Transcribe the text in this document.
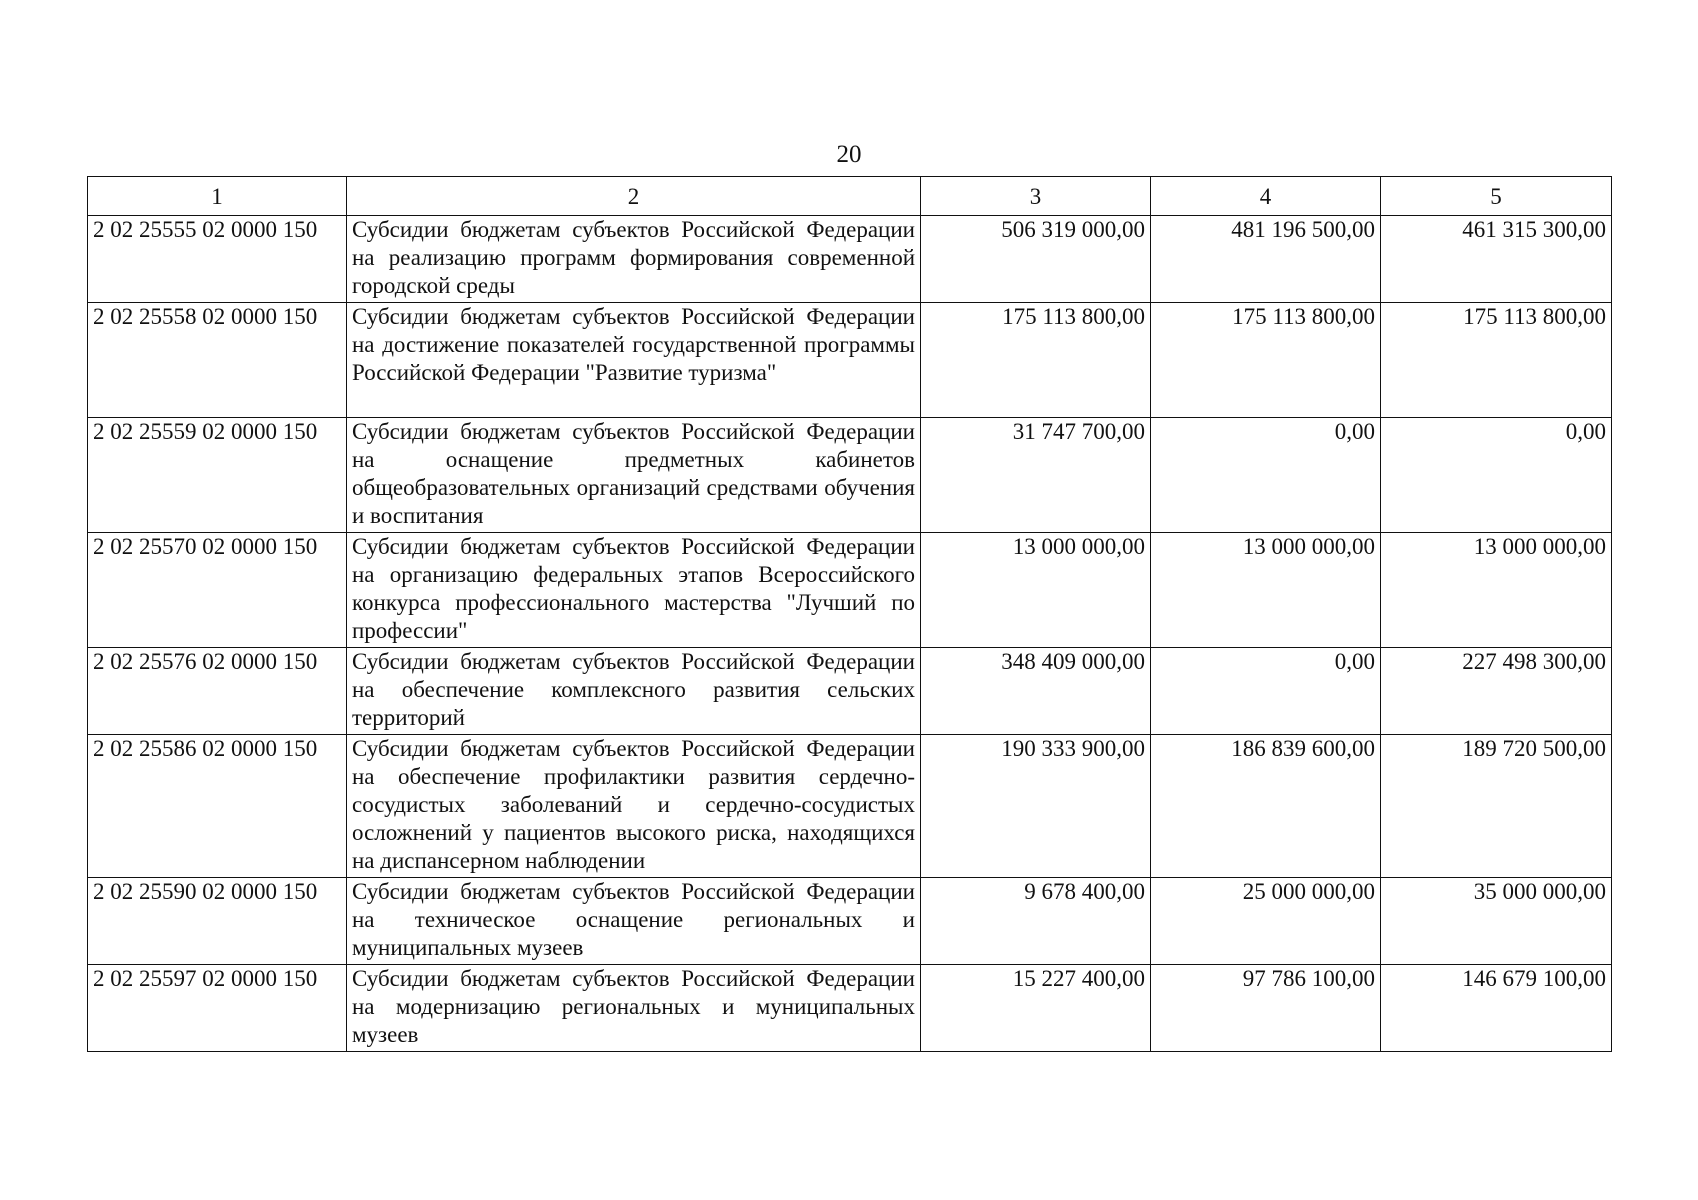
20
1	2	3	4	5
2 02 25555 02 0000 150	Субсидии бюджетам субъектов Российской Федерации на реализацию программ формирования современной городской среды	506 319 000,00	481 196 500,00	461 315 300,00
2 02 25558 02 0000 150	Субсидии бюджетам субъектов Российской Федерации на достижение показателей государственной программы Российской Федерации "Развитие туризма"	175 113 800,00	175 113 800,00	175 113 800,00
2 02 25559 02 0000 150	Субсидии бюджетам субъектов Российской Федерации на оснащение предметных кабинетов общеобразовательных организаций средствами обучения и воспитания	31 747 700,00	0,00	0,00
2 02 25570 02 0000 150	Субсидии бюджетам субъектов Российской Федерации на организацию федеральных этапов Всероссийского конкурса профессионального мастерства "Лучший по профессии"	13 000 000,00	13 000 000,00	13 000 000,00
2 02 25576 02 0000 150	Субсидии бюджетам субъектов Российской Федерации на обеспечение комплексного развития сельских территорий	348 409 000,00	0,00	227 498 300,00
2 02 25586 02 0000 150	Субсидии бюджетам субъектов Российской Федерации на обеспечение профилактики развития сердечно-сосудистых заболеваний и сердечно-сосудистых осложнений у пациентов высокого риска, находящихся на диспансерном наблюдении	190 333 900,00	186 839 600,00	189 720 500,00
2 02 25590 02 0000 150	Субсидии бюджетам субъектов Российской Федерации на техническое оснащение региональных и муниципальных музеев	9 678 400,00	25 000 000,00	35 000 000,00
2 02 25597 02 0000 150	Субсидии бюджетам субъектов Российской Федерации на модернизацию региональных и муниципальных музеев	15 227 400,00	97 786 100,00	146 679 100,00
